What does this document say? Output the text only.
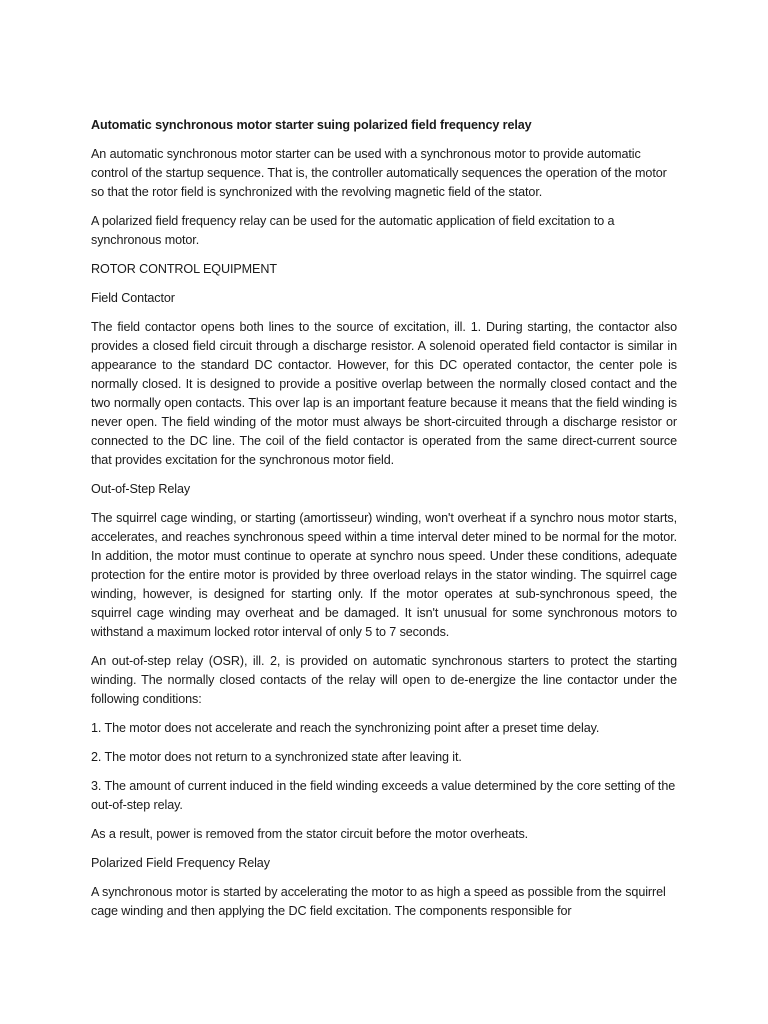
Automatic synchronous motor starter suing polarized field frequency relay

An automatic synchronous motor starter can be used with a synchronous motor to provide automatic control of the startup sequence. That is, the controller automatically sequences the operation of the motor so that the rotor field is synchronized with the revolving magnetic field of the stator.

A polarized field frequency relay can be used for the automatic application of field excitation to a synchronous motor.

ROTOR CONTROL EQUIPMENT

Field Contactor

The field contactor opens both lines to the source of excitation, ill. 1. During starting, the contactor also provides a closed field circuit through a discharge resistor. A solenoid operated field contactor is similar in appearance to the standard DC contactor. However, for this DC operated contactor, the center pole is normally closed. It is designed to provide a positive overlap between the normally closed contact and the two normally open contacts. This over lap is an important feature because it means that the field winding is never open. The field winding of the motor must always be short-circuited through a discharge resistor or connected to the DC line. The coil of the field contactor is operated from the same direct-current source that provides excitation for the synchronous motor field.

Out-of-Step Relay

The squirrel cage winding, or starting (amortisseur) winding, won't overheat if a synchro nous motor starts, accelerates, and reaches synchronous speed within a time interval deter mined to be normal for the motor. In addition, the motor must continue to operate at synchro nous speed. Under these conditions, adequate protection for the entire motor is provided by three overload relays in the stator winding. The squirrel cage winding, however, is designed for starting only. If the motor operates at sub-synchronous speed, the squirrel cage winding may overheat and be damaged. It isn't unusual for some synchronous motors to withstand a maximum locked rotor interval of only 5 to 7 seconds.

An out-of-step relay (OSR), ill. 2, is provided on automatic synchronous starters to protect the starting winding. The normally closed contacts of the relay will open to de-energize the line contactor under the following conditions:

1. The motor does not accelerate and reach the synchronizing point after a preset time delay.

2. The motor does not return to a synchronized state after leaving it.

3. The amount of current induced in the field winding exceeds a value determined by the core setting of the out-of-step relay.

As a result, power is removed from the stator circuit before the motor overheats.

Polarized Field Frequency Relay

A synchronous motor is started by accelerating the motor to as high a speed as possible from the squirrel cage winding and then applying the DC field excitation. The components responsible for
